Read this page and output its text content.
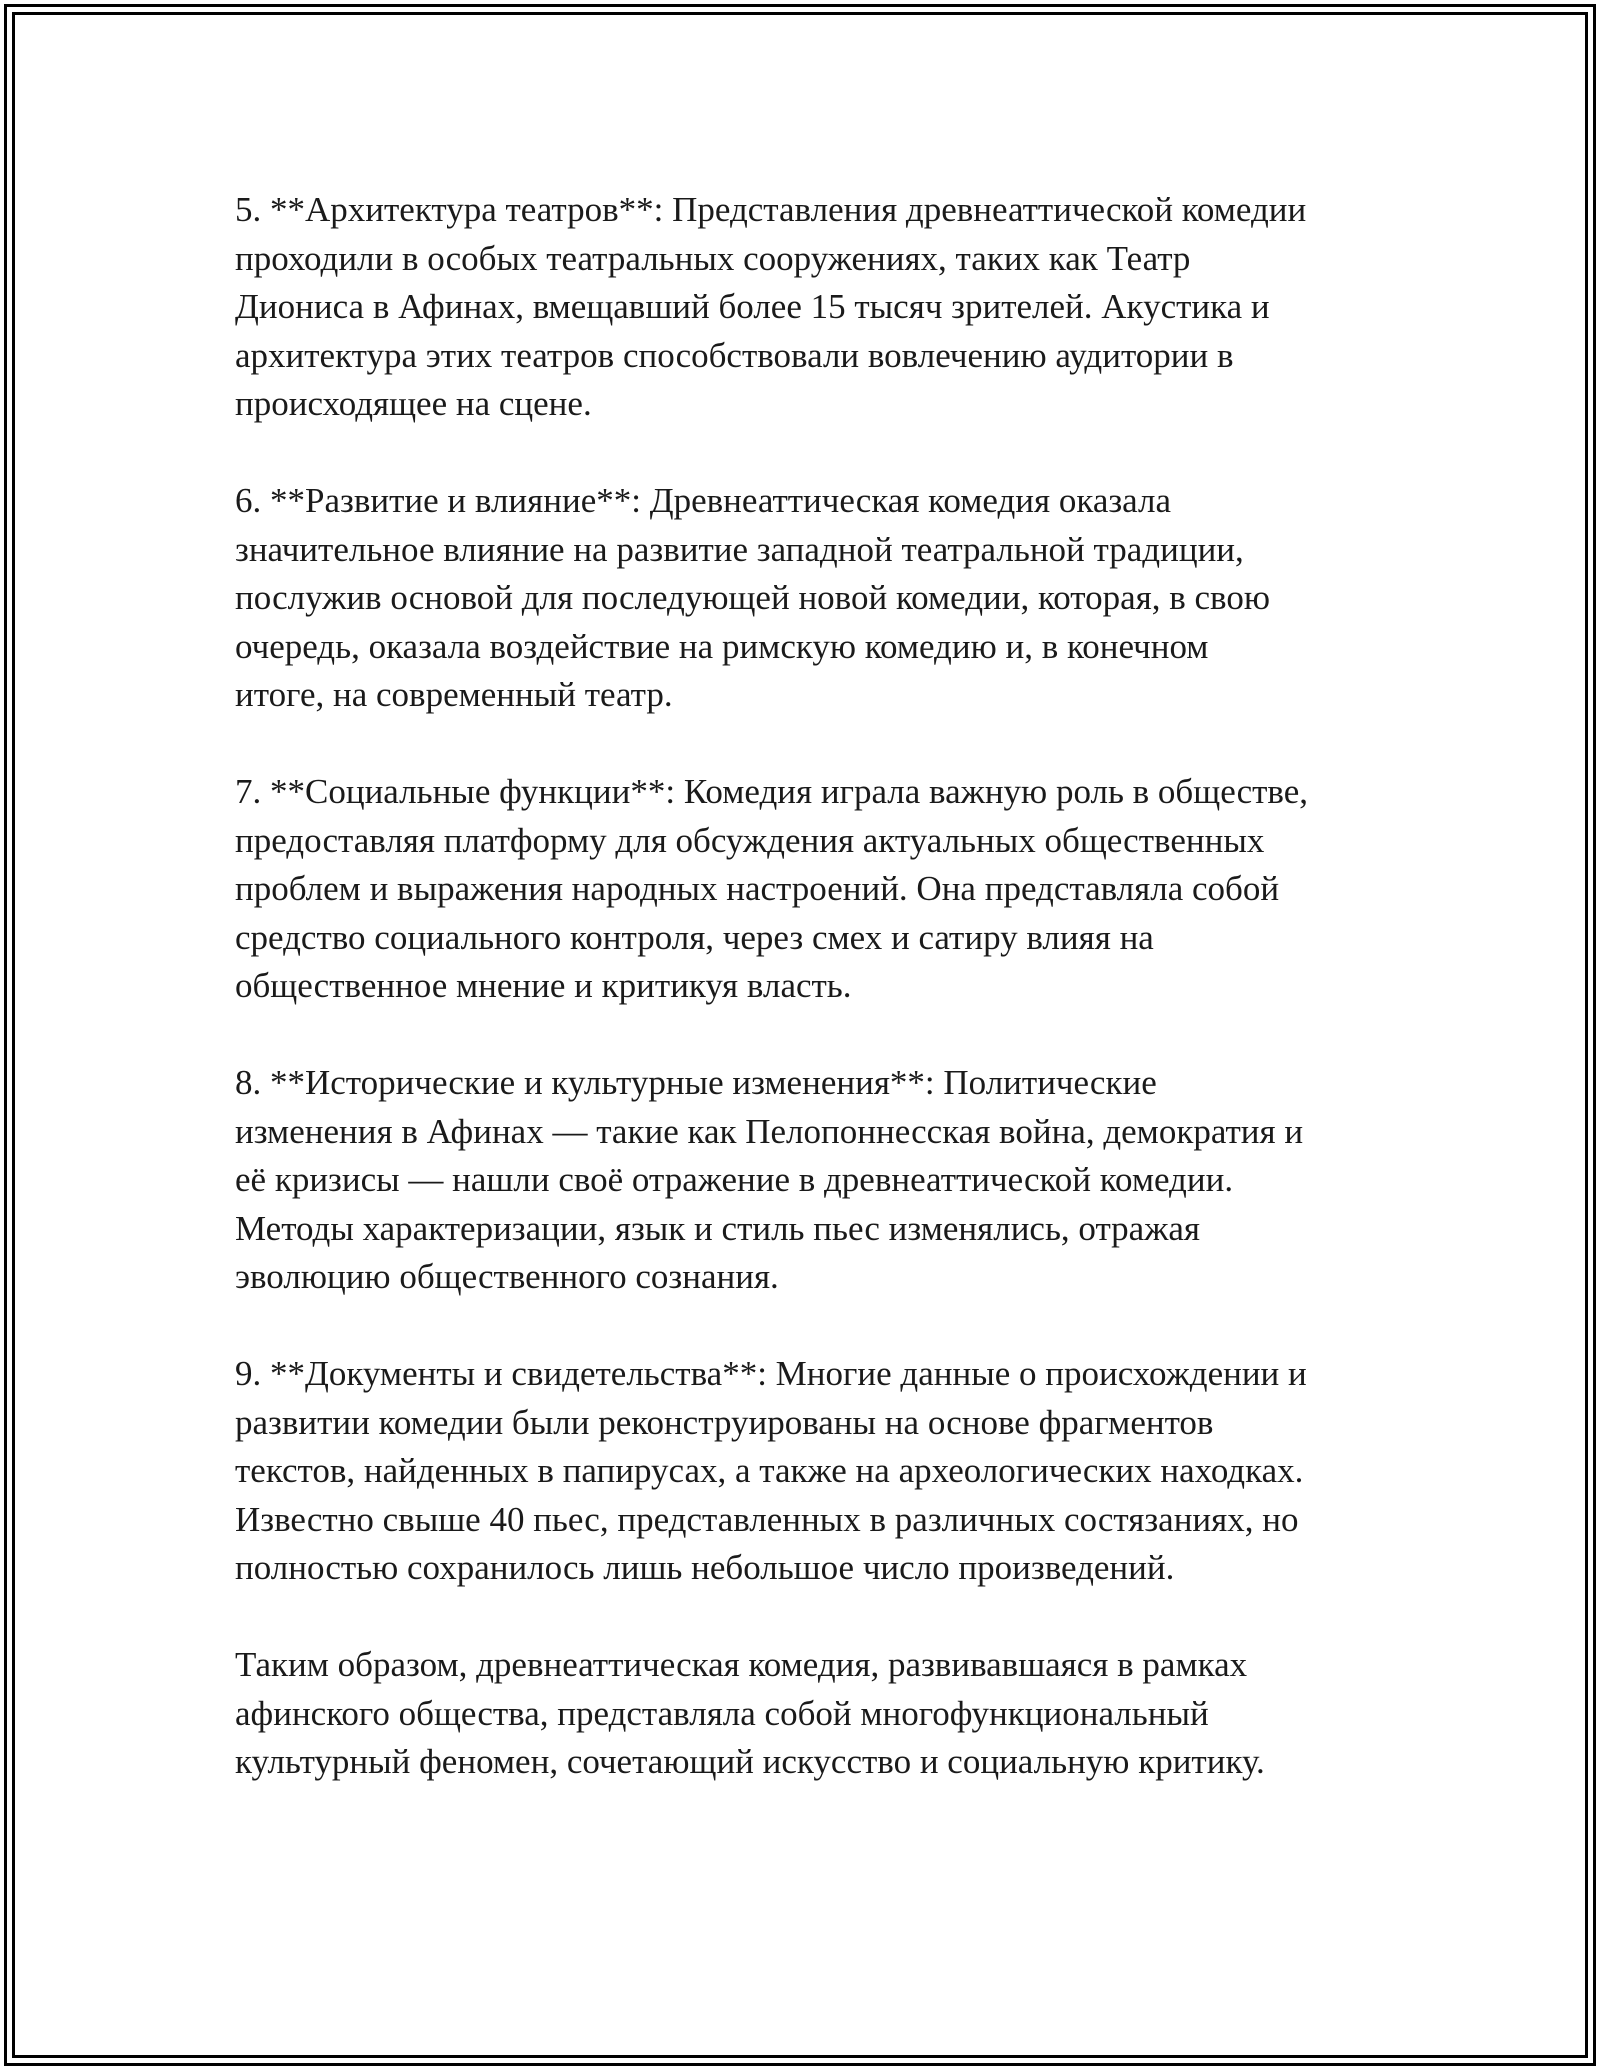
5. **Архитектура театров**: Представления древнеаттической комедии
проходили в особых театральных сооружениях, таких как Театр
Диониса в Афинах, вмещавший более 15 тысяч зрителей. Акустика и
архитектура этих театров способствовали вовлечению аудитории в
происходящее на сцене.
6. **Развитие и влияние**: Древнеаттическая комедия оказала
значительное влияние на развитие западной театральной традиции,
послужив основой для последующей новой комедии, которая, в свою
очередь, оказала воздействие на римскую комедию и, в конечном
итоге, на современный театр.
7. **Социальные функции**: Комедия играла важную роль в обществе,
предоставляя платформу для обсуждения актуальных общественных
проблем и выражения народных настроений. Она представляла собой
средство социального контроля, через смех и сатиру влияя на
общественное мнение и критикуя власть.
8. **Исторические и культурные изменения**: Политические
изменения в Афинах — такие как Пелопоннесская война, демократия и
её кризисы — нашли своё отражение в древнеаттической комедии.
Методы характеризации, язык и стиль пьес изменялись, отражая
эволюцию общественного сознания.
9. **Документы и свидетельства**: Многие данные о происхождении и
развитии комедии были реконструированы на основе фрагментов
текстов, найденных в папирусах, а также на археологических находках.
Известно свыше 40 пьес, представленных в различных состязаниях, но
полностью сохранилось лишь небольшое число произведений.
Таким образом, древнеаттическая комедия, развивавшаяся в рамках
афинского общества, представляла собой многофункциональный
культурный феномен, сочетающий искусство и социальную критику.
